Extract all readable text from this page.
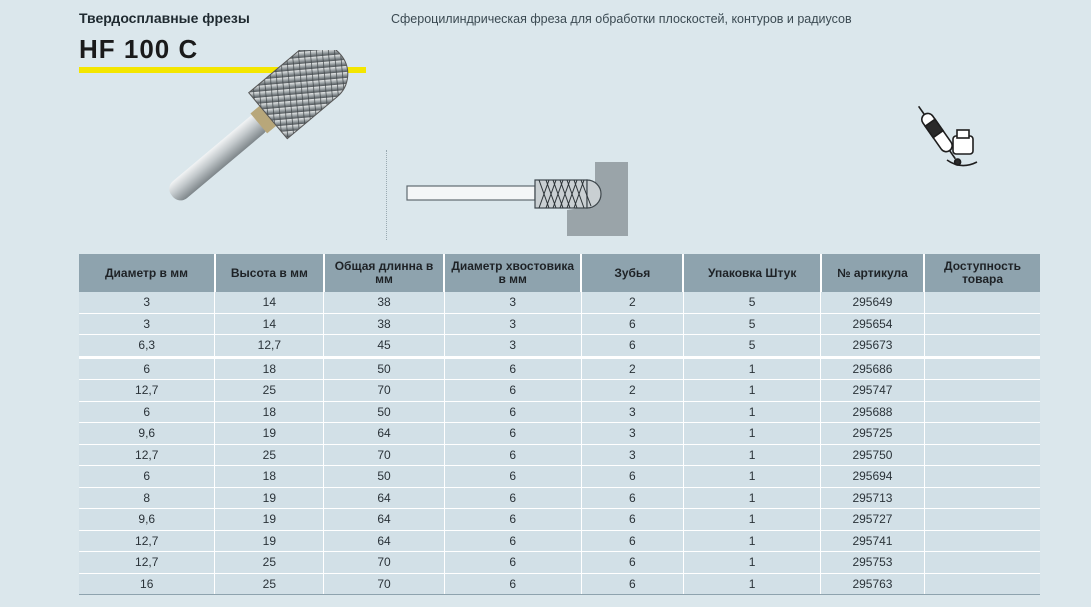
Твердосплавные фрезы
HF 100 C
Сфероцилиндрическая фреза для обработки плоскостей, контуров и радиусов
Диаметр в мм	Высота в мм	Общая длинна в мм	Диаметр хвостовика в мм	Зубья	Упаковка Штук	№ артикула	Доступность товара
3	14	38	3	2	5	295649	
3	14	38	3	6	5	295654	
6,3	12,7	45	3	6	5	295673	
6	18	50	6	2	1	295686	
12,7	25	70	6	2	1	295747	
6	18	50	6	3	1	295688	
9,6	19	64	6	3	1	295725	
12,7	25	70	6	3	1	295750	
6	18	50	6	6	1	295694	
8	19	64	6	6	1	295713	
9,6	19	64	6	6	1	295727	
12,7	19	64	6	6	1	295741	
12,7	25	70	6	6	1	295753	
16	25	70	6	6	1	295763	
